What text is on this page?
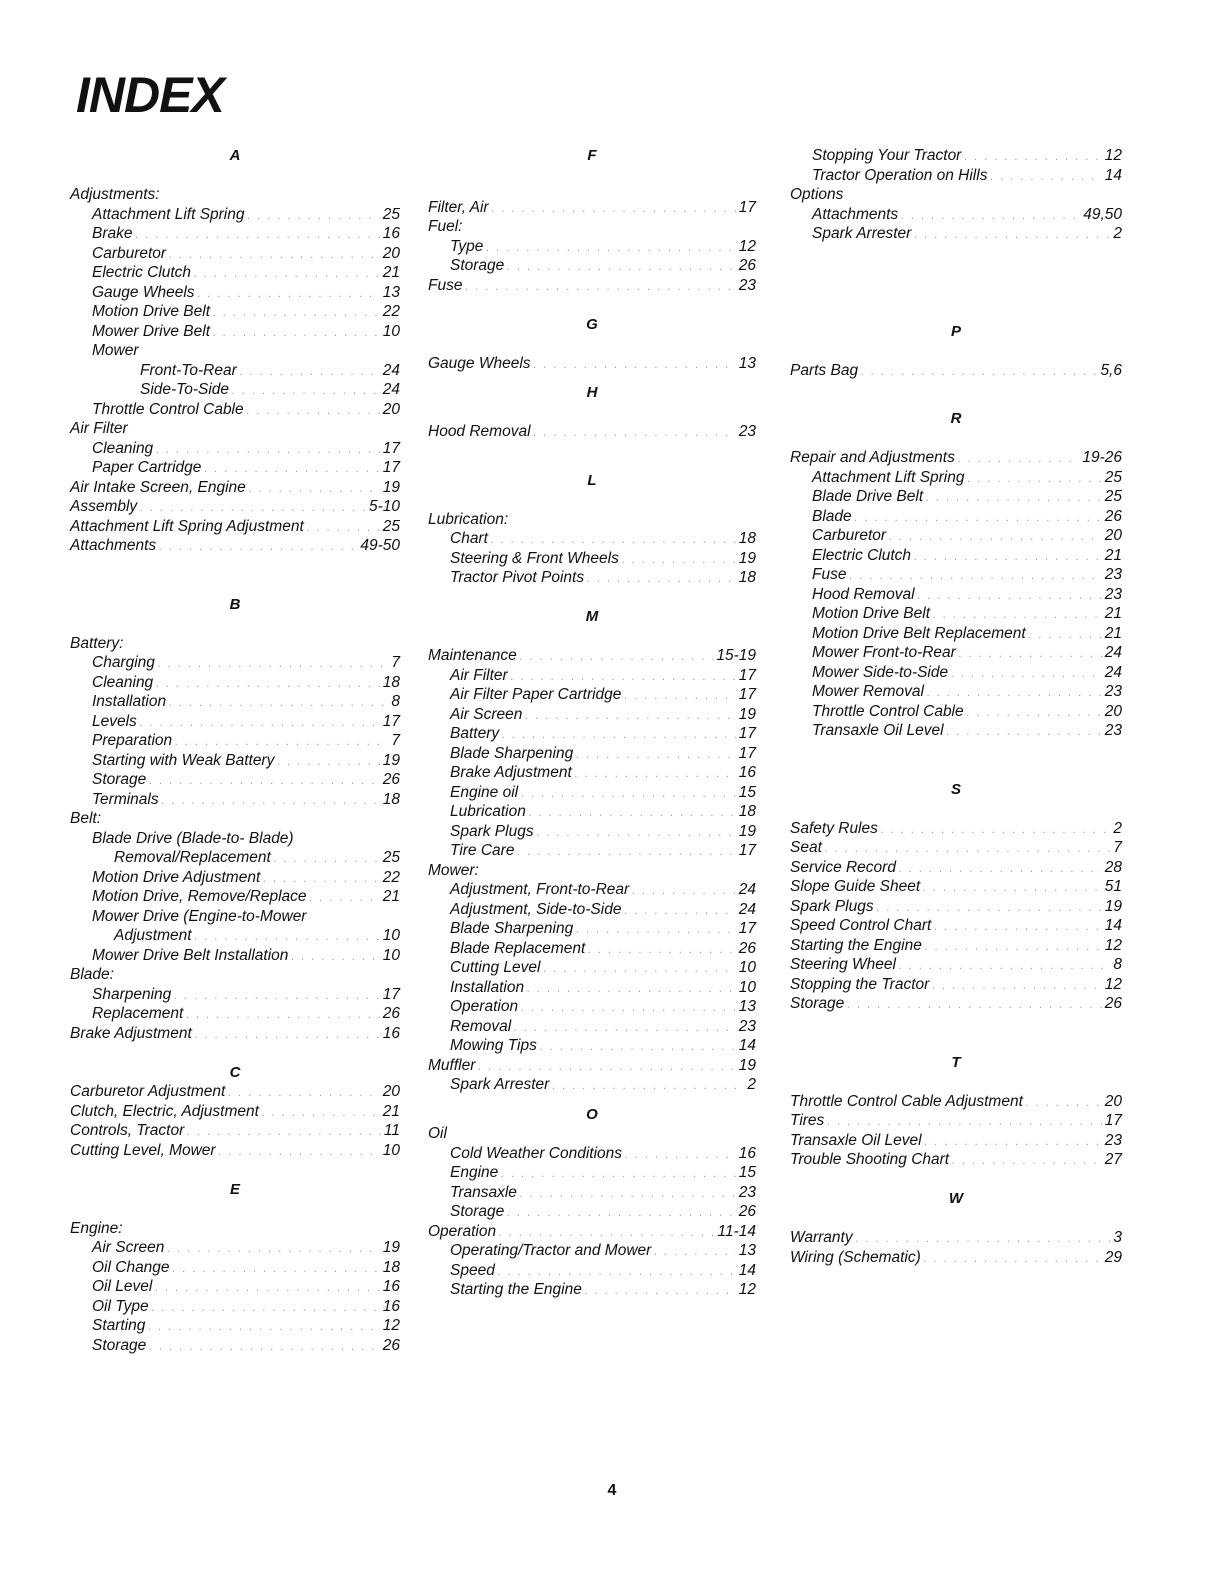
INDEX
A
Adjustments:
Attachment Lift Spring . . .	25
Brake . . .	16
Carburetor . . .	20
Electric Clutch . . .	21
Gauge Wheels . . .	13
Motion Drive Belt . . .	22
Mower Drive Belt . . .	10
Mower
Front-To-Rear . . .	24
Side-To-Side . . .	24
Throttle Control Cable . . .	20
Air Filter
Cleaning . . .	17
Paper Cartridge . . .	17
Air Intake Screen, Engine . . .	19
Assembly . . .	5-10
Attachment Lift Spring Adjustment . . .	25
Attachments . . .	49-50
B
Battery:
Charging . . .	7
Cleaning . . .	18
Installation . . .	8
Levels . . .	17
Preparation . . .	7
Starting with Weak Battery . . .	19
Storage . . .	26
Terminals . . .	18
Belt:
Blade Drive (Blade-to- Blade)
Removal/Replacement . . .	25
Motion Drive Adjustment . . .	22
Motion Drive, Remove/Replace . . .	21
Mower Drive (Engine-to-Mower
Adjustment . . .	10
Mower Drive Belt Installation . . .	10
Blade:
Sharpening . . .	17
Replacement . . .	26
Brake Adjustment . . .	16
C
Carburetor Adjustment . . .	20
Clutch, Electric, Adjustment . . .	21
Controls, Tractor . . .	11
Cutting Level, Mower . . .	10
E
Engine:
Air Screen . . .	19
Oil Change . . .	18
Oil Level . . .	16
Oil Type . . .	16
Starting . . .	12
Storage . . .	26
F
Filter, Air . . .	17
Fuel:
Type . . .	12
Storage . . .	26
Fuse . . .	23
G
Gauge Wheels . . .	13
H
Hood Removal . . .	23
L
Lubrication:
Chart . . .	18
Steering & Front Wheels . . .	19
Tractor Pivot Points . . .	18
M
Maintenance . . .	15-19
Air Filter . . .	17
Air Filter Paper Cartridge . . .	17
Air Screen . . .	19
Battery . . .	17
Blade Sharpening . . .	17
Brake Adjustment . . .	16
Engine oil . . .	15
Lubrication . . .	18
Spark Plugs . . .	19
Tire Care . . .	17
Mower:
Adjustment, Front-to-Rear . . .	24
Adjustment, Side-to-Side . . .	24
Blade Sharpening . . .	17
Blade Replacement . . .	26
Cutting Level . . .	10
Installation . . .	10
Operation . . .	13
Removal . . .	23
Mowing Tips . . .	14
Muffler . . .	19
Spark Arrester . . .	2
O
Oil
Cold Weather Conditions . . .	16
Engine . . .	15
Transaxle . . .	23
Storage . . .	26
Operation . . .	11-14
Operating/Tractor and Mower . . .	13
Speed . . .	14
Starting the Engine . . .	12
Stopping Your Tractor . . .	12
Tractor Operation on Hills . . .	14
Options
Attachments . . .	49,50
Spark Arrester . . .	2
P
Parts Bag . . .	5,6
R
Repair and Adjustments . . .	19-26
Attachment Lift Spring . . .	25
Blade Drive Belt . . .	25
Blade . . .	26
Carburetor . . .	20
Electric Clutch . . .	21
Fuse . . .	23
Hood Removal . . .	23
Motion Drive Belt . . .	21
Motion Drive Belt Replacement . . .	21
Mower Front-to-Rear . . .	24
Mower Side-to-Side . . .	24
Mower Removal . . .	23
Throttle Control Cable . . .	20
Transaxle Oil Level . . .	23
S
Safety Rules . . .	2
Seat . . .	7
Service Record . . .	28
Slope Guide Sheet . . .	51
Spark Plugs . . .	19
Speed Control Chart . . .	14
Starting the Engine . . .	12
Steering Wheel . . .	8
Stopping the Tractor . . .	12
Storage . . .	26
T
Throttle Control Cable Adjustment . . .	20
Tires . . .	17
Transaxle Oil Level . . .	23
Trouble Shooting Chart . . .	27
W
Warranty . . .	3
Wiring (Schematic) . . .	29
4
